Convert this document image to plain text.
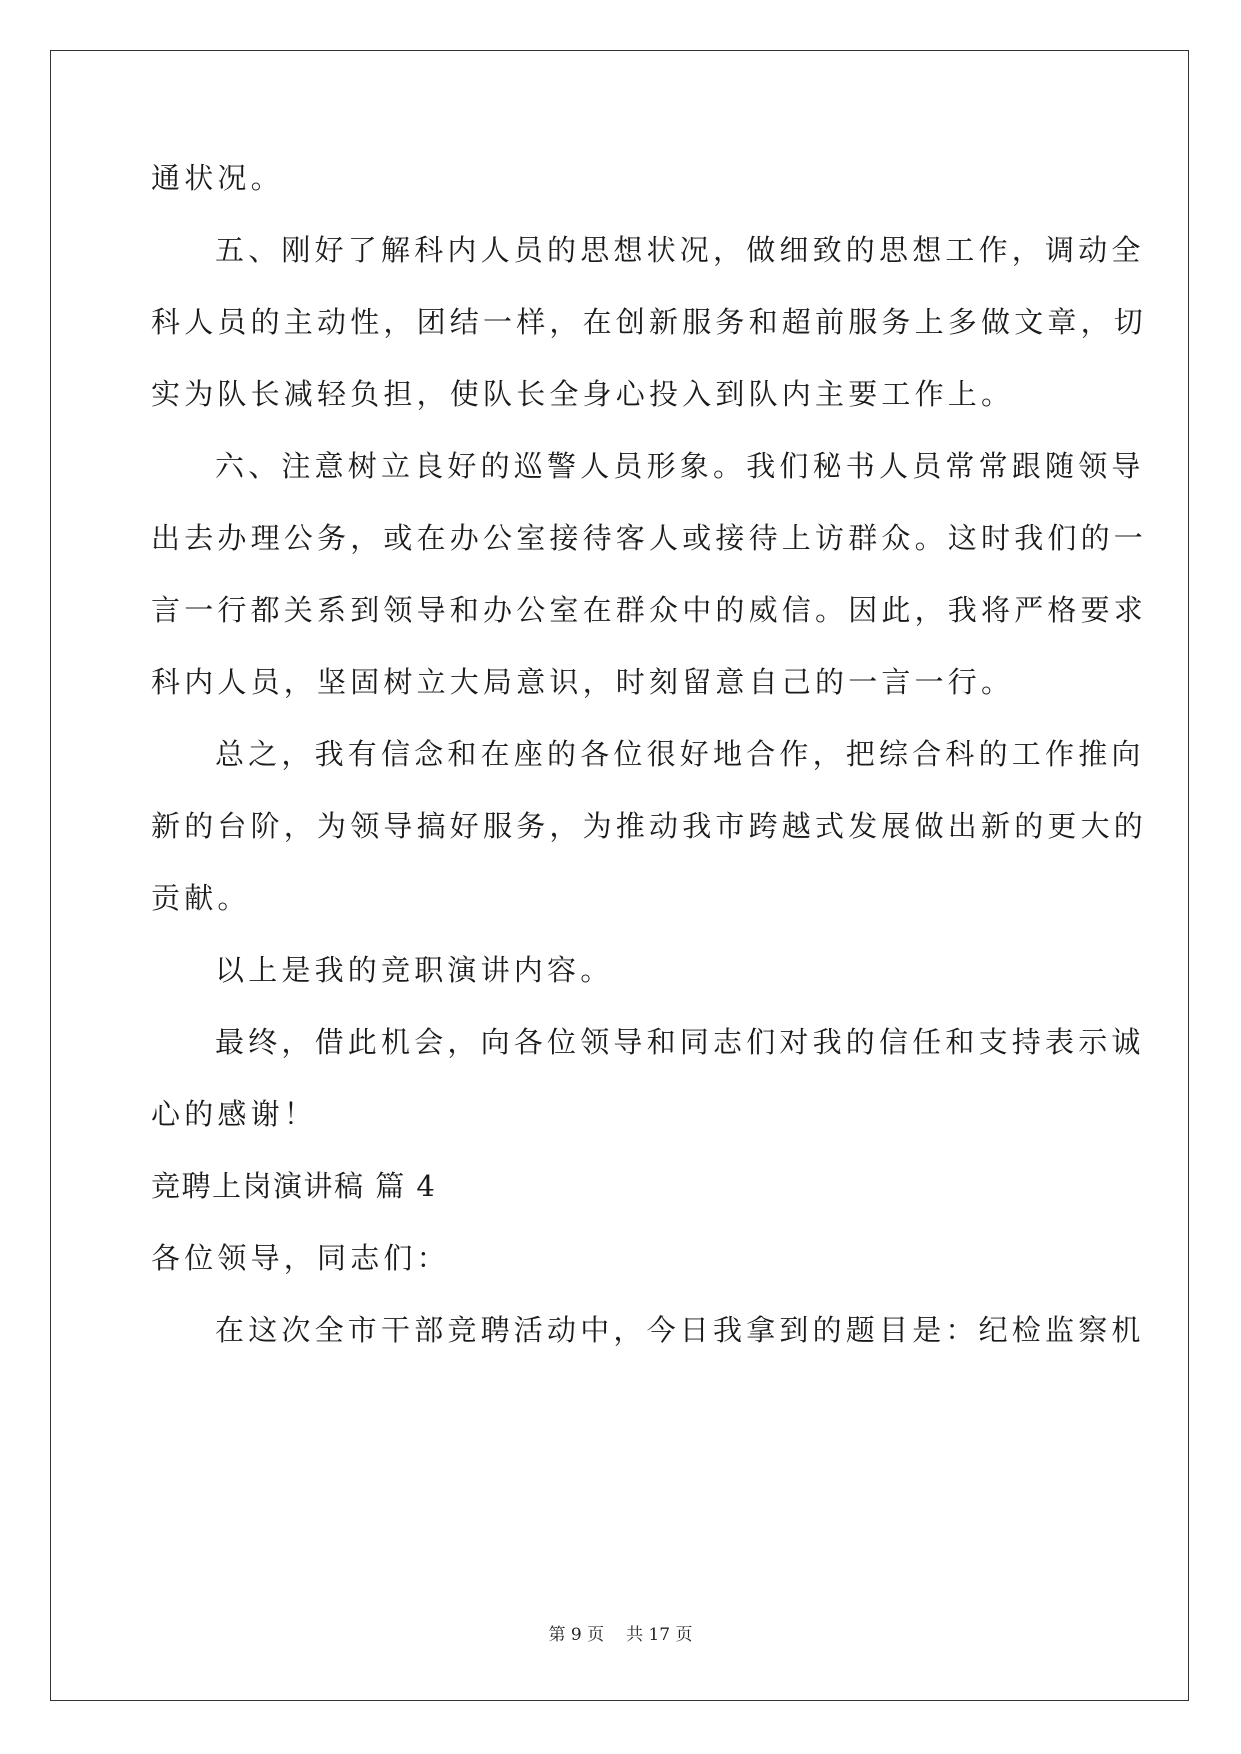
通状况。
五、刚好了解科内人员的思想状况，做细致的思想工作，调动全
科人员的主动性，团结一样，在创新服务和超前服务上多做文章，切
实为队长减轻负担，使队长全身心投入到队内主要工作上。
六、注意树立良好的巡警人员形象。我们秘书人员常常跟随领导
出去办理公务，或在办公室接待客人或接待上访群众。这时我们的一
言一行都关系到领导和办公室在群众中的威信。因此，我将严格要求
科内人员，坚固树立大局意识，时刻留意自己的一言一行。
总之，我有信念和在座的各位很好地合作，把综合科的工作推向
新的台阶，为领导搞好服务，为推动我市跨越式发展做出新的更大的
贡献。
以上是我的竞职演讲内容。
最终，借此机会，向各位领导和同志们对我的信任和支持表示诚
心的感谢！
竞聘上岗演讲稿 篇 4
各位领导，同志们：
在这次全市干部竞聘活动中，今日我拿到的题目是：纪检监察机
第 9 页 共 17 页
